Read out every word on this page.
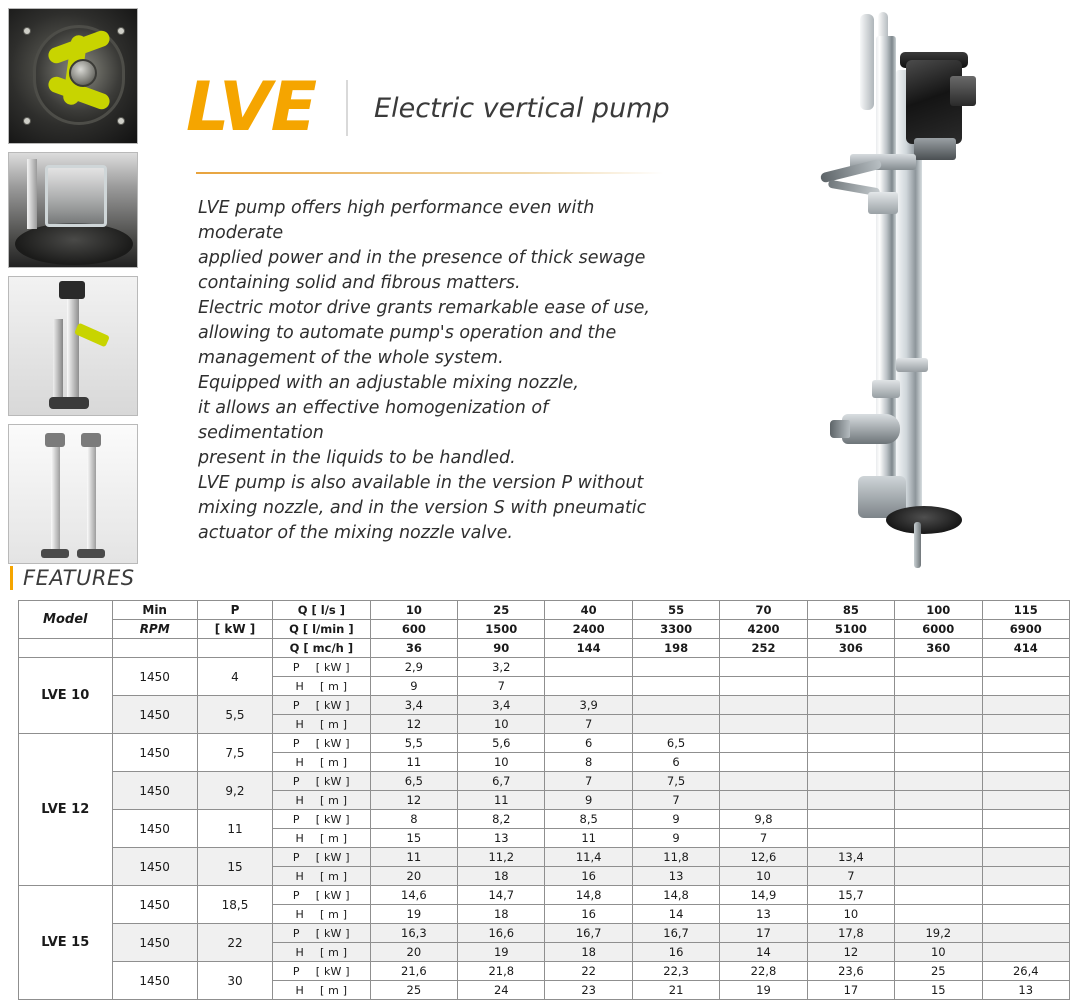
LVE Electric vertical pump

LVE pump offers high performance even with moderate

applied power and in the presence of thick sewage

containing solid and fibrous matters.

Electric motor drive grants remarkable ease of use,

allowing to automate pump's operation and the

management of the whole system.

Equipped with an adjustable mixing nozzle,

it allows an effective homogenization of sedimentation

present in the liquids to be handled.

LVE pump is also available in the version P without

mixing nozzle, and in the version S with pneumatic

actuator of the mixing nozzle valve.

FEATURES
Model	Min	P	Q [ l/s ]	10	25	40	55	70	85	100	115
	RPM	[ kW ]	Q [ l/min ]	600	1500	2400	3300	4200	5100	6000	6900
			Q [ mc/h ]	36	90	144	198	252	306	360	414
LVE 10	1450	4	P [ kW ]	2,9	3,2						
			H [ m ]	9	7						
	1450	5,5	P [ kW ]	3,4	3,4	3,9					
			H [ m ]	12	10	7					
LVE 12	1450	7,5	P [ kW ]	5,5	5,6	6	6,5				
			H [ m ]	11	10	8	6				
	1450	9,2	P [ kW ]	6,5	6,7	7	7,5				
			H [ m ]	12	11	9	7				
	1450	11	P [ kW ]	8	8,2	8,5	9	9,8			
			H [ m ]	15	13	11	9	7			
	1450	15	P [ kW ]	11	11,2	11,4	11,8	12,6	13,4		
			H [ m ]	20	18	16	13	10	7		
LVE 15	1450	18,5	P [ kW ]	14,6	14,7	14,8	14,8	14,9	15,7		
			H [ m ]	19	18	16	14	13	10		
	1450	22	P [ kW ]	16,3	16,6	16,7	16,7	17	17,8	19,2	
			H [ m ]	20	19	18	16	14	12	10	
	1450	30	P [ kW ]	21,6	21,8	22	22,3	22,8	23,6	25	26,4
			H [ m ]	25	24	23	21	19	17	15	13
